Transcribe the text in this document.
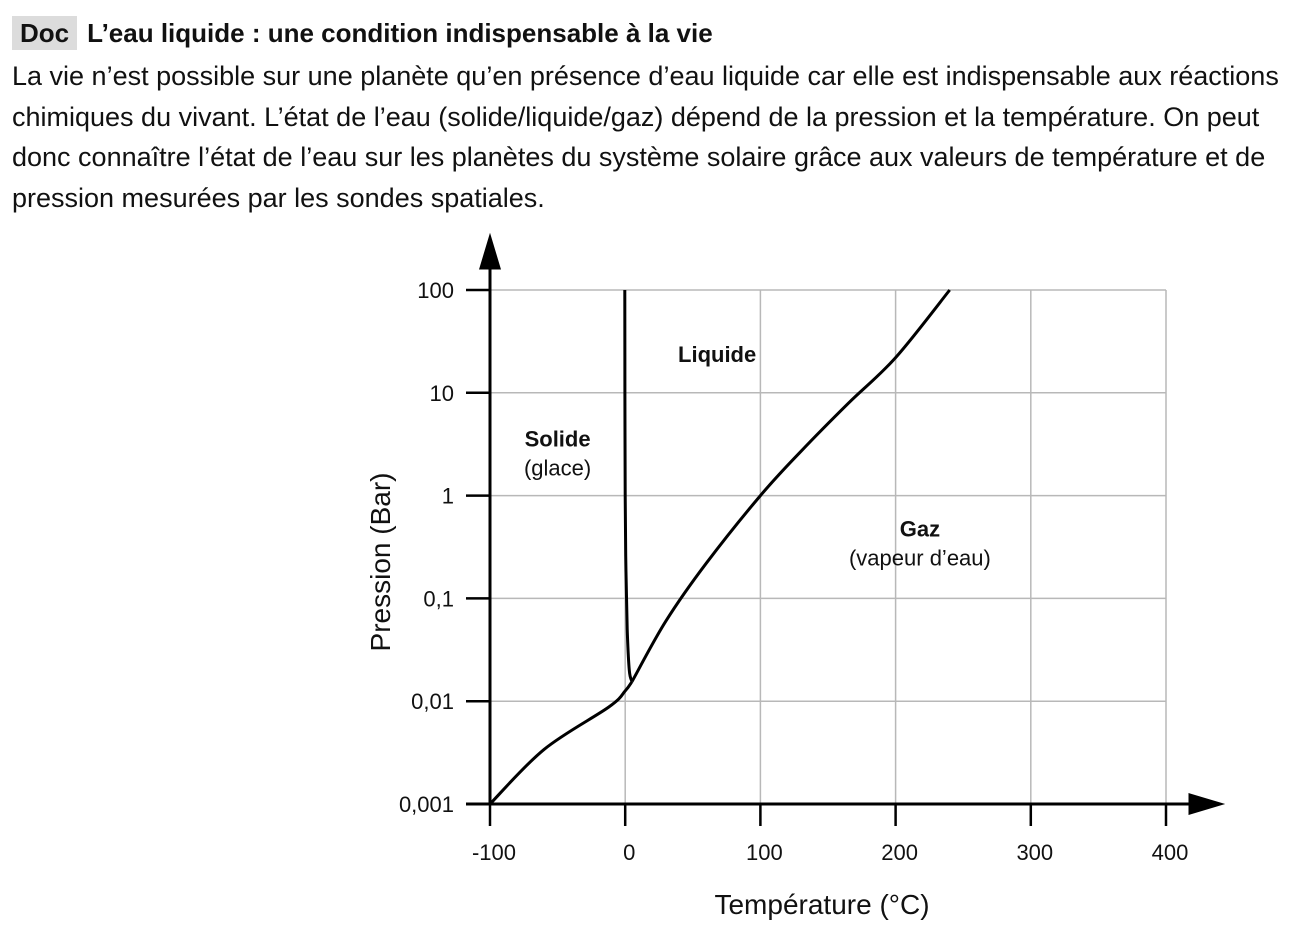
Doc L’eau liquide : une condition indispensable à la vie

La vie n’est possible sur une planète qu’en présence d’eau liquide car elle est indispensable aux réactions chimiques du vivant. L’état de l’eau (solide/liquide/gaz) dépend de la pression et la température. On peut donc connaître l’état de l’eau sur les planètes du système solaire grâce aux valeurs de température et de pression mesurées par les sondes spatiales.

-100	0	100	200	300	400
0,001
0,01
0,1
1
10
100
Température (°C)
Pression (Bar)
Solide
(glace)
Liquide
Gaz
(vapeur d’eau)
